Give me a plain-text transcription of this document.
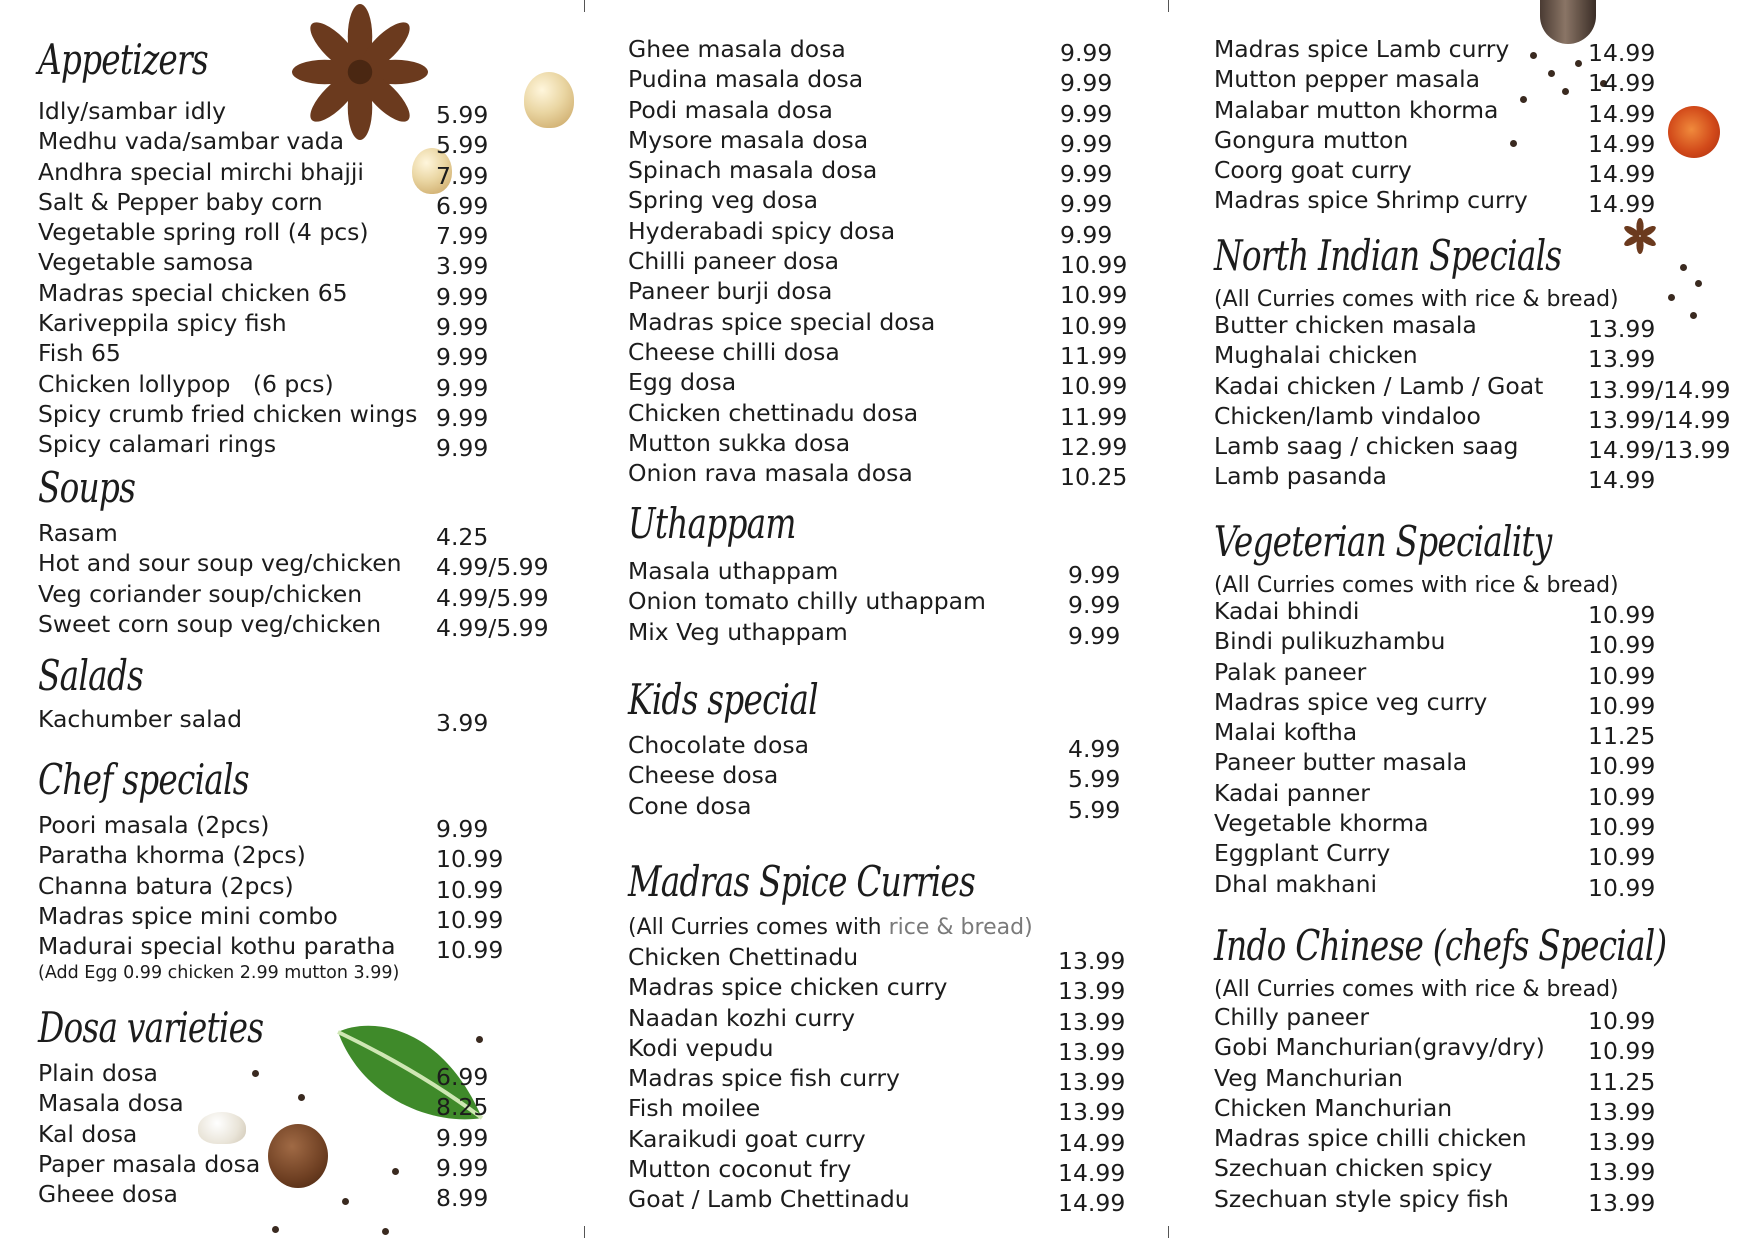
Appetizers
Idly/sambar idly	5.99
Medhu vada/sambar vada	5.99
Andhra special mirchi bhajji	7.99
Salt & Pepper baby corn	6.99
Vegetable spring roll (4 pcs)	7.99
Vegetable samosa	3.99
Madras special chicken 65	9.99
Kariveppila spicy fish	9.99
Fish 65	9.99
Chicken lollypop   (6 pcs)	9.99
Spicy crumb fried chicken wings 9.99
Spicy calamari rings	9.99
Soups
Rasam	4.25
Hot and sour soup veg/chicken 4.99/5.99
Veg coriander soup/chicken	4.99/5.99
Sweet corn soup veg/chicken 4.99/5.99
Salads
Kachumber salad	3.99
Chef specials
Poori masala (2pcs)	9.99
Paratha khorma (2pcs)	10.99
Channa batura (2pcs)	10.99
Madras spice mini combo	10.99
Madurai special kothu paratha 10.99
(Add Egg 0.99 chicken 2.99 mutton 3.99)
Dosa varieties
Plain dosa	6.99
Masala dosa	8.25
Kal dosa	9.99
Paper masala dosa	9.99
Gheee dosa	8.99
Ghee masala dosa	9.99
Pudina masala dosa	9.99
Podi masala dosa	9.99
Mysore masala dosa	9.99
Spinach masala dosa	9.99
Spring veg dosa	9.99
Hyderabadi spicy dosa	9.99
Chilli paneer dosa	10.99
Paneer burji dosa	10.99
Madras spice special dosa	10.99
Cheese chilli dosa	11.99
Egg dosa	10.99
Chicken chettinadu dosa	11.99
Mutton sukka dosa	12.99
Onion rava masala dosa	10.25
Uthappam
Masala uthappam	9.99
Onion tomato chilly uthappam	9.99
Mix Veg uthappam	9.99
Kids special
Chocolate dosa	4.99
Cheese dosa	5.99
Cone dosa	5.99
Madras Spice Curries
(All Curries comes with rice & bread)
Chicken Chettinadu	13.99
Madras spice chicken curry	13.99
Naadan kozhi curry	13.99
Kodi vepudu	13.99
Madras spice fish curry	13.99
Fish moilee	13.99
Karaikudi goat curry	14.99
Mutton coconut fry	14.99
Goat / Lamb Chettinadu	14.99
Madras spice Lamb curry	14.99
Mutton pepper masala	14.99
Malabar mutton khorma	14.99
Gongura mutton	14.99
Coorg goat curry	14.99
Madras spice Shrimp curry	14.99
North Indian Specials
(All Curries comes with rice & bread)
Butter chicken masala	13.99
Mughalai chicken	13.99
Kadai chicken / Lamb / Goat 13.99/14.99
Chicken/lamb vindaloo	13.99/14.99
Lamb saag / chicken saag	14.99/13.99
Lamb pasanda	14.99
Vegeterian Speciality
(All Curries comes with rice & bread)
Kadai bhindi	10.99
Bindi pulikuzhambu	10.99
Palak paneer	10.99
Madras spice veg curry	10.99
Malai koftha	11.25
Paneer butter masala	10.99
Kadai panner	10.99
Vegetable khorma	10.99
Eggplant Curry	10.99
Dhal makhani	10.99
Indo Chinese (chefs Special)
(All Curries comes with rice & bread)
Chilly paneer	10.99
Gobi Manchurian(gravy/dry) 10.99
Veg Manchurian	11.25
Chicken Manchurian	13.99
Madras spice chilli chicken	13.99
Szechuan chicken spicy	13.99
Szechuan style spicy fish	13.99
